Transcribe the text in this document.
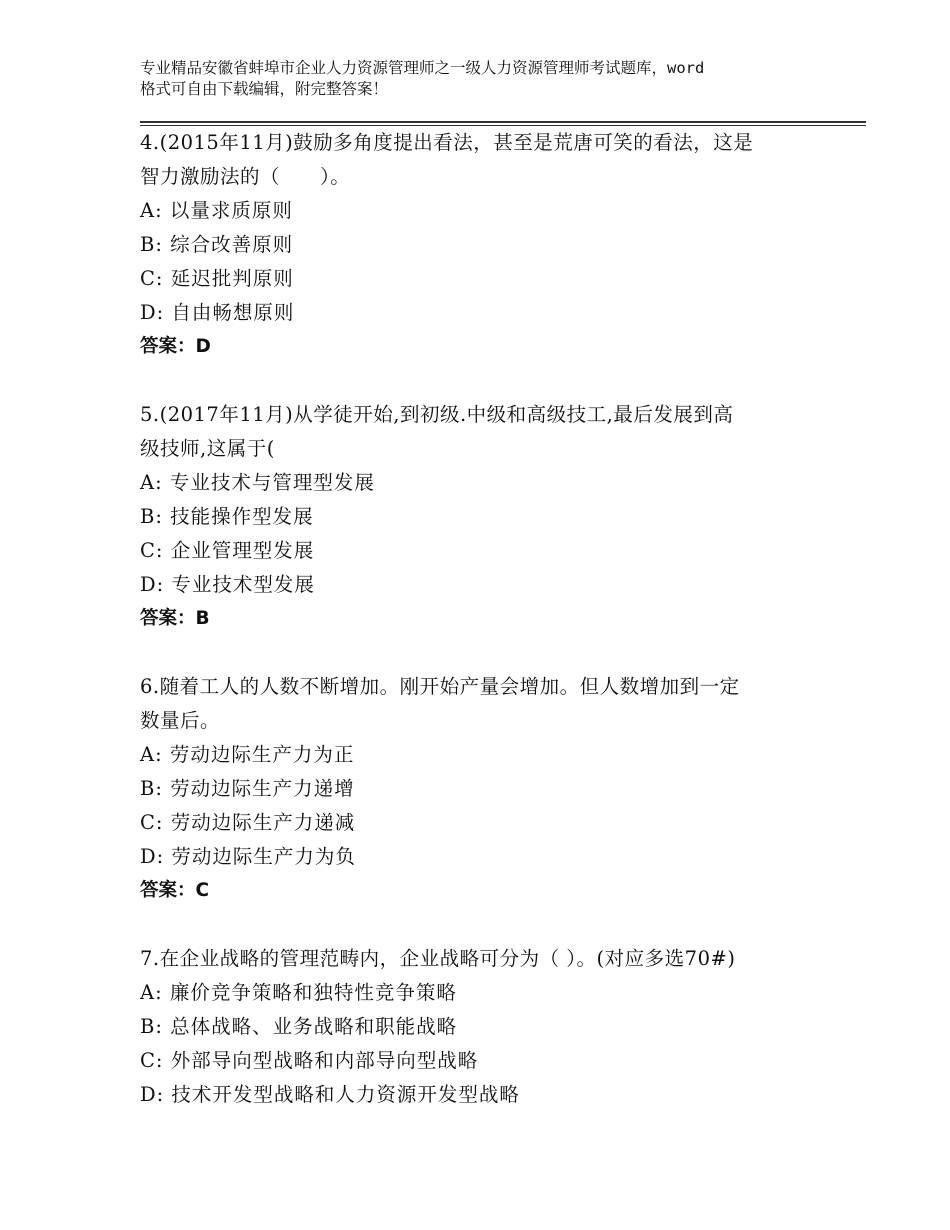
专业精品安徽省蚌埠市企业人力资源管理师之一级人力资源管理师考试题库，word
格式可自由下载编辑，附完整答案！
4.(2015年11月)鼓励多角度提出看法，甚至是荒唐可笑的看法，这是
智力激励法的（　　）。
A: 以量求质原则
B: 综合改善原则
C: 延迟批判原则
D: 自由畅想原则
答案：D
5.(2017年11月)从学徒开始,到初级.中级和高级技工,最后发展到高
级技师,这属于(
A: 专业技术与管理型发展
B: 技能操作型发展
C: 企业管理型发展
D: 专业技术型发展
答案：B
6.随着工人的人数不断增加。刚开始产量会增加。但人数增加到一定
数量后。
A: 劳动边际生产力为正
B: 劳动边际生产力递增
C: 劳动边际生产力递减
D: 劳动边际生产力为负
答案：C
7.在企业战略的管理范畴内，企业战略可分为（ ）。(对应多选70#)
A: 廉价竞争策略和独特性竞争策略
B: 总体战略、业务战略和职能战略
C: 外部导向型战略和内部导向型战略
D: 技术开发型战略和人力资源开发型战略
